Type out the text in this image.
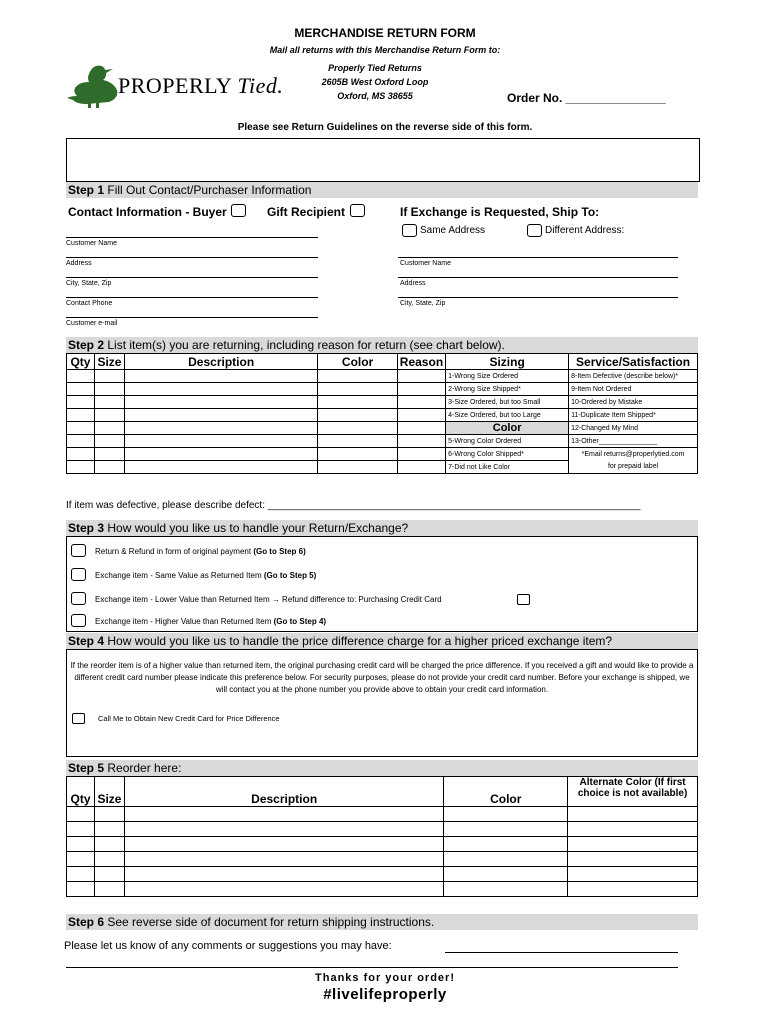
MERCHANDISE RETURN FORM
Mail all returns with this Merchandise Return Form to:
Properly Tied Returns
2605B West Oxford Loop
Oxford, MS 38655	Order No. _______________
PROPERLY Tied.
Please see Return Guidelines on the reverse side of this form.
Step 1 Fill Out Contact/Purchaser Information
Contact Information - Buyer	Gift Recipient	If Exchange is Requested, Ship To:
Same Address	Different Address:
Customer Name
Address
City, State, Zip
Contact Phone
Customer e-mail
Customer Name
Address
City, State, Zip
Step 2 List item(s) you are returning, including reason for return (see chart below).
Qty	Size	Description	Color	Reason	Sizing	Service/Satisfaction
					1-Wrong Size Ordered	8-Item Defective (describe below)*
					2-Wrong Size Shipped*	9-Item Not Ordered
					3-Size Ordered, but too Small	10-Ordered by Mistake
					4-Size Ordered, but too Large	11-Duplicate Item Shipped*
					Color	12-Changed My Mind
					5-Wrong Color Ordered	13-Other_______________
					6-Wrong Color Shipped*	*Email returns@properlytied.com
					7-Did not Like Color	for prepaid label
If item was defective, please describe defect: ___________________________________________________________________
Step 3 How would you like us to handle your Return/Exchange?
Return & Refund in form of original payment (Go to Step 6)
Exchange item - Same Value as Returned Item (Go to Step 5)
Exchange item - Lower Value than Returned Item → Refund difference to: Purchasing Credit Card
Exchange item - Higher Value than Returned Item (Go to Step 4)
Step 4 How would you like us to handle the price difference charge for a higher priced exchange item?
If the reorder item is of a higher value than returned item, the original purchasing credit card will be charged the price difference. If you received a gift and would like to provide a different credit card number please indicate this preference below. For security purposes, please do not provide your credit card number. Before your exchange is shipped, we will contact you at the phone number you provide above to obtain your credit card information.
Call Me to Obtain New Credit Card for Price Difference
Step 5 Reorder here:
Qty	Size	Description	Color	Alternate Color (If first choice is not available)

Step 6 See reverse side of document for return shipping instructions.
Please let us know of any comments or suggestions you may have:
Thanks for your order!
#livelifeproperly
